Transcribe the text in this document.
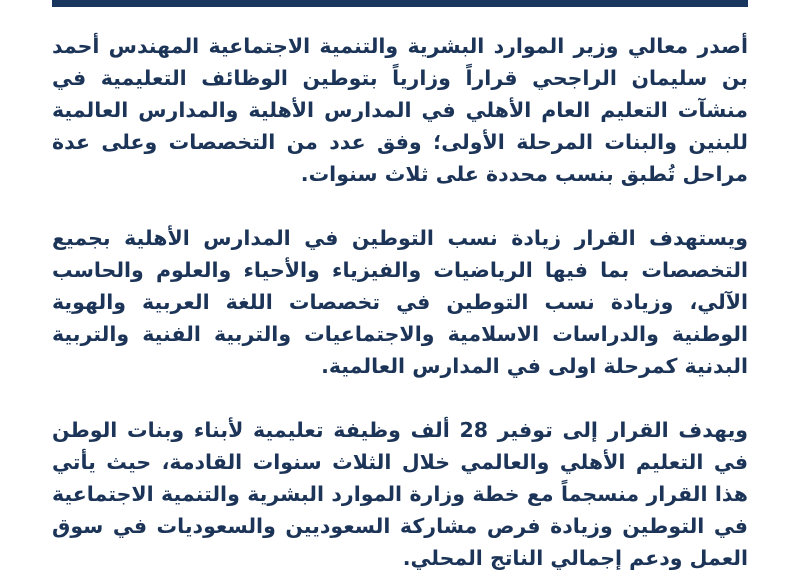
أصدر معالي وزير الموارد البشرية والتنمية الاجتماعية المهندس أحمد بن سليمان الراجحي قراراً وزارياً بتوطين الوظائف التعليمية في منشآت التعليم العام الأهلي في المدارس الأهلية والمدارس العالمية للبنين والبنات المرحلة الأولى؛ وفق عدد من التخصصات وعلى عدة مراحل تُطبق بنسب محددة على ثلاث سنوات.

ويستهدف القرار زيادة نسب التوطين في المدارس الأهلية بجميع التخصصات بما فيها الرياضيات والفيزياء والأحياء والعلوم والحاسب الآلي، وزيادة نسب التوطين في تخصصات اللغة العربية والهوية الوطنية والدراسات الاسلامية والاجتماعيات والتربية الفنية والتربية البدنية كمرحلة اولى في المدارس العالمية.

ويهدف القرار إلى توفير 28 ألف وظيفة تعليمية لأبناء وبنات الوطن في التعليم الأهلي والعالمي خلال الثلاث سنوات القادمة، حيث يأتي هذا القرار منسجماً مع خطة وزارة الموارد البشرية والتنمية الاجتماعية في التوطين وزيادة فرص مشاركة السعوديين والسعوديات في سوق العمل ودعم إجمالي الناتج المحلي.
